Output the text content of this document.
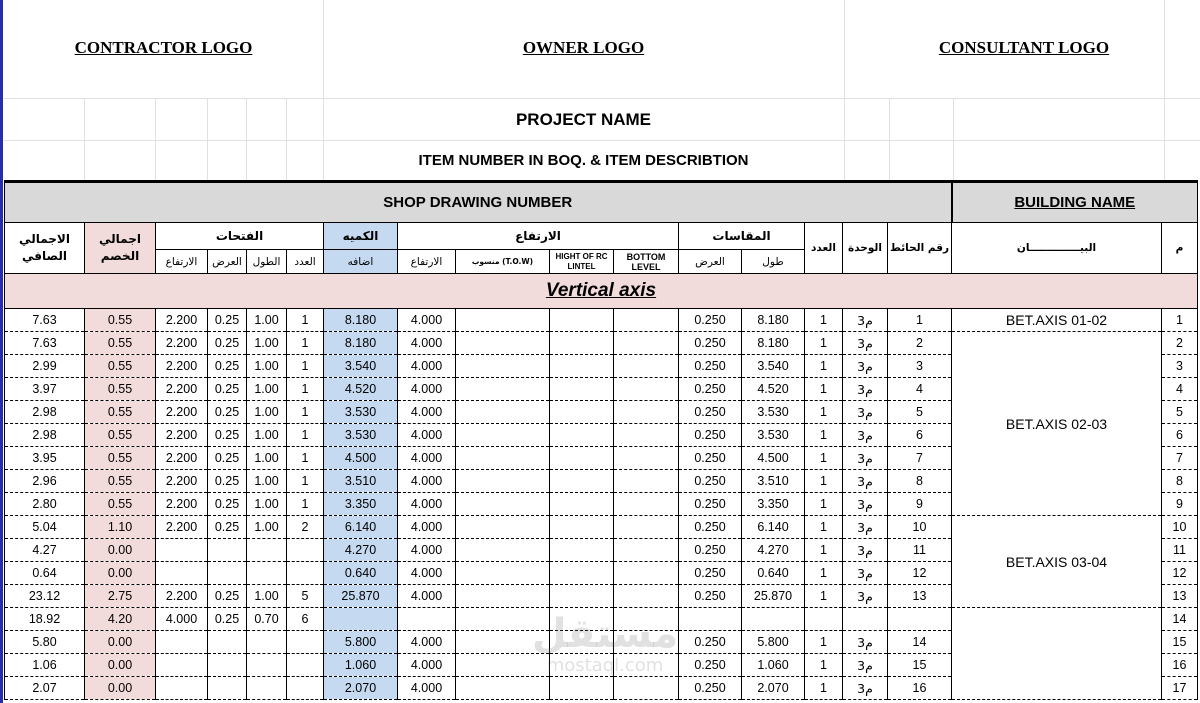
CONTRACTOR LOGO	OWNER LOGO	CONSULTANT LOGO
PROJECT NAME
ITEM NUMBER IN BOQ. & ITEM DESCRIBTION
SHOP DRAWING NUMBER																BUILDING NAME	
الاجمالي الصافي	اجمالي الخصم	الفتحات				الكميه	الارتفاع				المقاسات		العدد	الوحدة	رقم الحائط	البيــــــــــــــان	م
		الارتفاع	العرض	الطول	العدد	اضافه	الارتفاع	منسوب (T.O.W)	HIGHT OF RC LINTEL	BOTTOM LEVEL	العرض	طول					
Vertical axis																	
7.63	0.55	2.200	0.25	1.00	1	8.180	4.000				0.250	8.180	1	م3	1	BET.AXIS 01-02	1
7.63	0.55	2.200	0.25	1.00	1	8.180	4.000				0.250	8.180	1	م3	2	BET.AXIS 02-03	2
2.99	0.55	2.200	0.25	1.00	1	3.540	4.000				0.250	3.540	1	م3	3		3
3.97	0.55	2.200	0.25	1.00	1	4.520	4.000				0.250	4.520	1	م3	4		4
2.98	0.55	2.200	0.25	1.00	1	3.530	4.000				0.250	3.530	1	م3	5		5
2.98	0.55	2.200	0.25	1.00	1	3.530	4.000				0.250	3.530	1	م3	6		6
3.95	0.55	2.200	0.25	1.00	1	4.500	4.000				0.250	4.500	1	م3	7		7
2.96	0.55	2.200	0.25	1.00	1	3.510	4.000				0.250	3.510	1	م3	8		8
2.80	0.55	2.200	0.25	1.00	1	3.350	4.000				0.250	3.350	1	م3	9		9
5.04	1.10	2.200	0.25	1.00	2	6.140	4.000				0.250	6.140	1	م3	10	BET.AXIS 03-04	10
4.27	0.00					4.270	4.000				0.250	4.270	1	م3	11		11
0.64	0.00					0.640	4.000				0.250	0.640	1	م3	12		12
23.12	2.75	2.200	0.25	1.00	5	25.870	4.000				0.250	25.870	1	م3	13		13
18.92	4.20	4.000	0.25	0.70	6												14
5.80	0.00					5.800	4.000				0.250	5.800	1	م3	14		15
1.06	0.00					1.060	4.000				0.250	1.060	1	م3	15		16
2.07	0.00					2.070	4.000				0.250	2.070	1	م3	16		17
مستقل
mostaql.com
